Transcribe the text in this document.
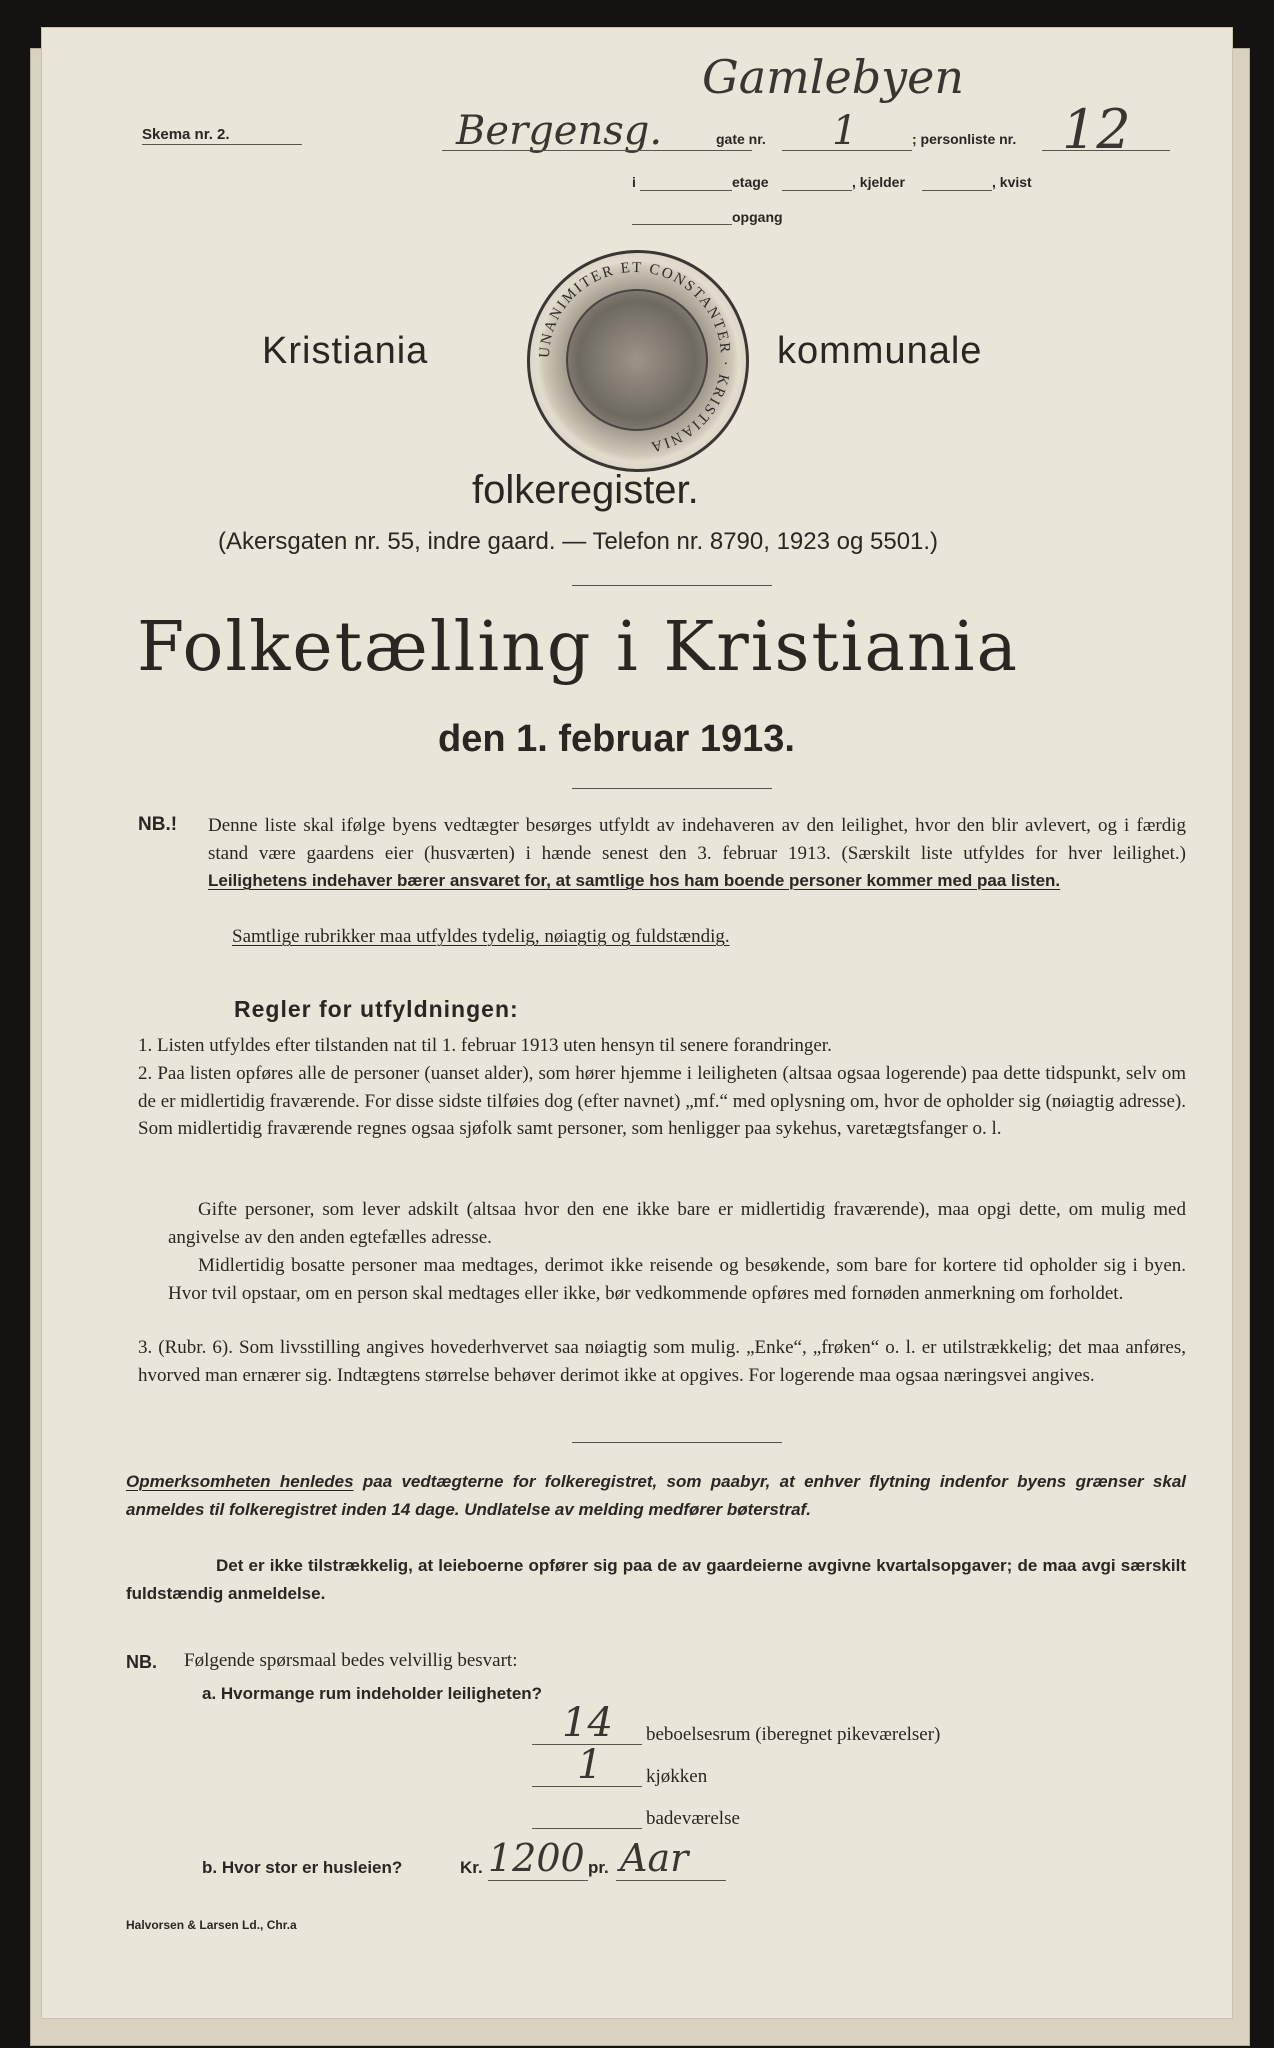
Gamlebyen
Skema nr. 2.	Bergensg.	gate nr. 1	; personliste nr. 12
i	etage	, kjelder	, kvist
opgang
Kristiania	UNANIMITER ET CONSTANTER · KRISTIANIA
kommunale
folkeregister.
(Akersgaten nr. 55, indre gaard. — Telefon nr. 8790, 1923 og 5501.)
Folketælling i Kristiania
den 1. februar 1913.
NB.! Denne liste skal ifølge byens vedtægter besørges utfyldt av indehaveren av den leilighet, hvor den blir avlevert, og i færdig stand være gaardens eier (husværten) i hænde senest den 3. februar 1913. (Særskilt liste utfyldes for hver leilighet.) Leilighetens indehaver bærer ansvaret for, at samtlige hos ham boende personer kommer med paa listen.
Samtlige rubrikker maa utfyldes tydelig, nøiagtig og fuldstændig.
Regler for utfyldningen:
1. Listen utfyldes efter tilstanden nat til 1. februar 1913 uten hensyn til senere forandringer.
2. Paa listen opføres alle de personer (uanset alder), som hører hjemme i leiligheten (altsaa ogsaa logerende) paa dette tidspunkt, selv om de er midlertidig fraværende. For disse sidste tilføies dog (efter navnet) „mf.“ med oplysning om, hvor de opholder sig (nøiagtig adresse). Som midlertidig fraværende regnes ogsaa sjøfolk samt personer, som henligger paa sykehus, varetægtsfanger o. l.
Gifte personer, som lever adskilt (altsaa hvor den ene ikke bare er midlertidig fraværende), maa opgi dette, om mulig med angivelse av den anden egtefælles adresse.
Midlertidig bosatte personer maa medtages, derimot ikke reisende og besøkende, som bare for kortere tid opholder sig i byen. Hvor tvil opstaar, om en person skal medtages eller ikke, bør vedkommende opføres med fornøden anmerkning om forholdet.
3. (Rubr. 6). Som livsstilling angives hovederhvervet saa nøiagtig som mulig. „Enke“, „frøken“ o. l. er utilstrækkelig; det maa anføres, hvorved man ernærer sig. Indtægtens størrelse behøver derimot ikke at opgives. For logerende maa ogsaa næringsvei angives.
Opmerksomheten henledes paa vedtægterne for folkeregistret, som paabyr, at enhver flytning indenfor byens grænser skal anmeldes til folkeregistret inden 14 dage. Undlatelse av melding medfører bøterstraf.
Det er ikke tilstrækkelig, at leieboerne opfører sig paa de av gaardeierne avgivne kvartalsopgaver; de maa avgi særskilt fuldstændig anmeldelse.
NB. Følgende spørsmaal bedes velvillig besvart:
a. Hvormange rum indeholder leiligheten?
14 beboelsesrum (iberegnet pikeværelser)
1 kjøkken
badeværelse
b. Hvor stor er husleien?	Kr. 1200 pr. Aar
Halvorsen & Larsen Ld., Chr.a
